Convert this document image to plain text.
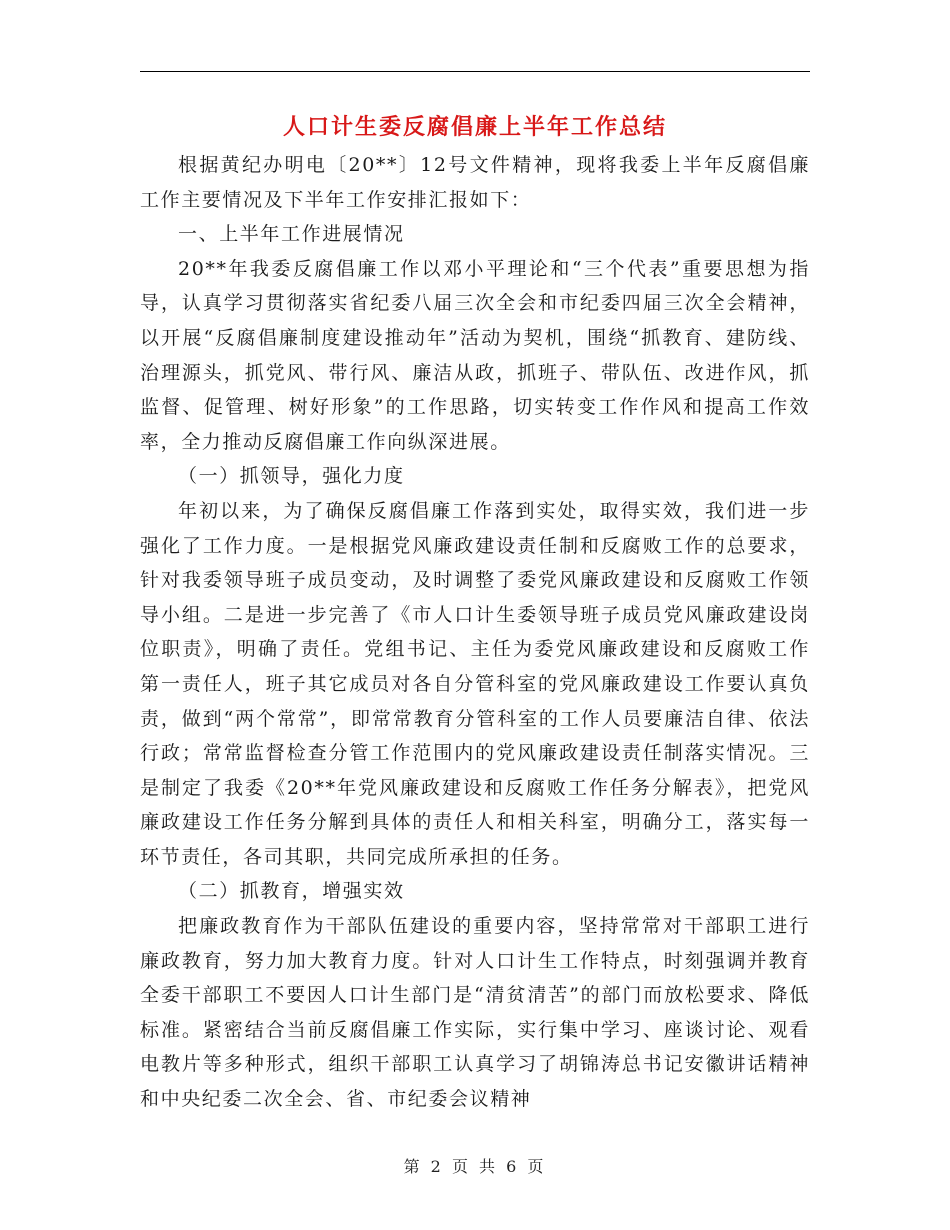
人口计生委反腐倡廉上半年工作总结

根据黄纪办明电〔20**〕12号文件精神，现将我委上半年反腐倡廉工作主要情况及下半年工作安排汇报如下：

一、上半年工作进展情况

20**年我委反腐倡廉工作以邓小平理论和“三个代表”重要思想为指导，认真学习贯彻落实省纪委八届三次全会和市纪委四届三次全会精神，以开展“反腐倡廉制度建设推动年”活动为契机，围绕“抓教育、建防线、治理源头，抓党风、带行风、廉洁从政，抓班子、带队伍、改进作风，抓监督、促管理、树好形象”的工作思路，切实转变工作作风和提高工作效率，全力推动反腐倡廉工作向纵深进展。

（一）抓领导，强化力度

年初以来，为了确保反腐倡廉工作落到实处，取得实效，我们进一步强化了工作力度。一是根据党风廉政建设责任制和反腐败工作的总要求，针对我委领导班子成员变动，及时调整了委党风廉政建设和反腐败工作领导小组。二是进一步完善了《市人口计生委领导班子成员党风廉政建设岗位职责》，明确了责任。党组书记、主任为委党风廉政建设和反腐败工作第一责任人，班子其它成员对各自分管科室的党风廉政建设工作要认真负责，做到“两个常常”，即常常教育分管科室的工作人员要廉洁自律、依法行政；常常监督检查分管工作范围内的党风廉政建设责任制落实情况。三是制定了我委《20**年党风廉政建设和反腐败工作任务分解表》，把党风廉政建设工作任务分解到具体的责任人和相关科室，明确分工，落实每一环节责任，各司其职，共同完成所承担的任务。

（二）抓教育，增强实效

把廉政教育作为干部队伍建设的重要内容，坚持常常对干部职工进行廉政教育，努力加大教育力度。针对人口计生工作特点，时刻强调并教育全委干部职工不要因人口计生部门是“清贫清苦”的部门而放松要求、降低标准。紧密结合当前反腐倡廉工作实际，实行集中学习、座谈讨论、观看电教片等多种形式，组织干部职工认真学习了胡锦涛总书记安徽讲话精神和中央纪委二次全会、省、市纪委会议精神

第 2 页 共 6 页
